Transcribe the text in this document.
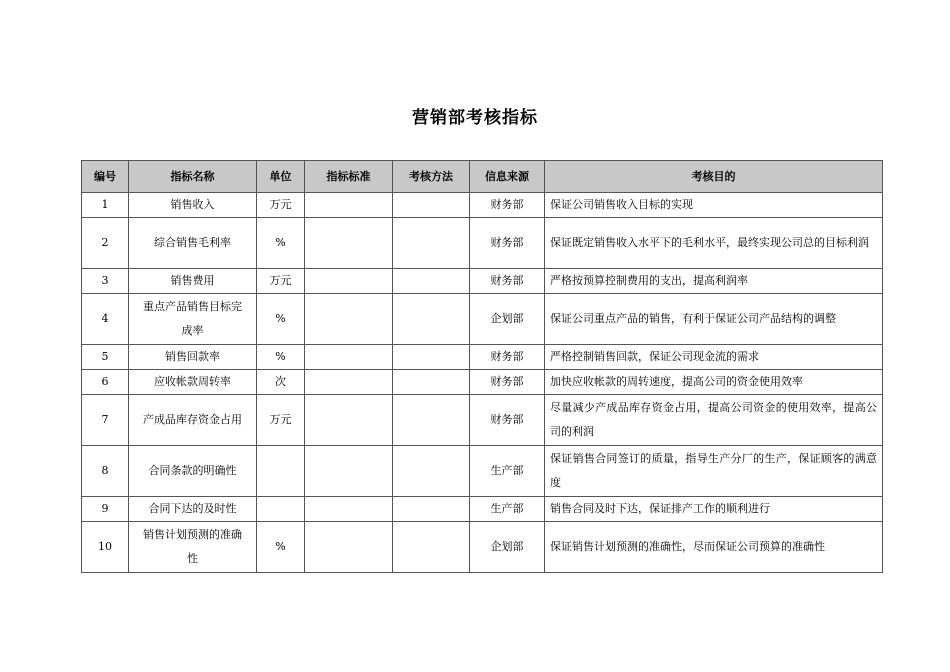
营销部考核指标
编号	指标名称	单位	指标标准	考核方法	信息来源	考核目的
1	销售收入	万元			财务部	保证公司销售收入目标的实现
2	综合销售毛利率	%			财务部	保证既定销售收入水平下的毛利水平，最终实现公司总的目标利润
3	销售费用	万元			财务部	严格按预算控制费用的支出，提高利润率
4	重点产品销售目标完成率	%			企划部	保证公司重点产品的销售，有利于保证公司产品结构的调整
5	销售回款率	%			财务部	严格控制销售回款，保证公司现金流的需求
6	应收帐款周转率	次			财务部	加快应收帐款的周转速度，提高公司的资金使用效率
7	产成品库存资金占用	万元			财务部	尽量减少产成品库存资金占用，提高公司资金的使用效率，提高公司的利润
8	合同条款的明确性				生产部	保证销售合同签订的质量，指导生产分厂的生产，保证顾客的满意度
9	合同下达的及时性				生产部	销售合同及时下达，保证排产工作的顺利进行
10	销售计划预测的准确性	%			企划部	保证销售计划预测的准确性，尽而保证公司预算的准确性
